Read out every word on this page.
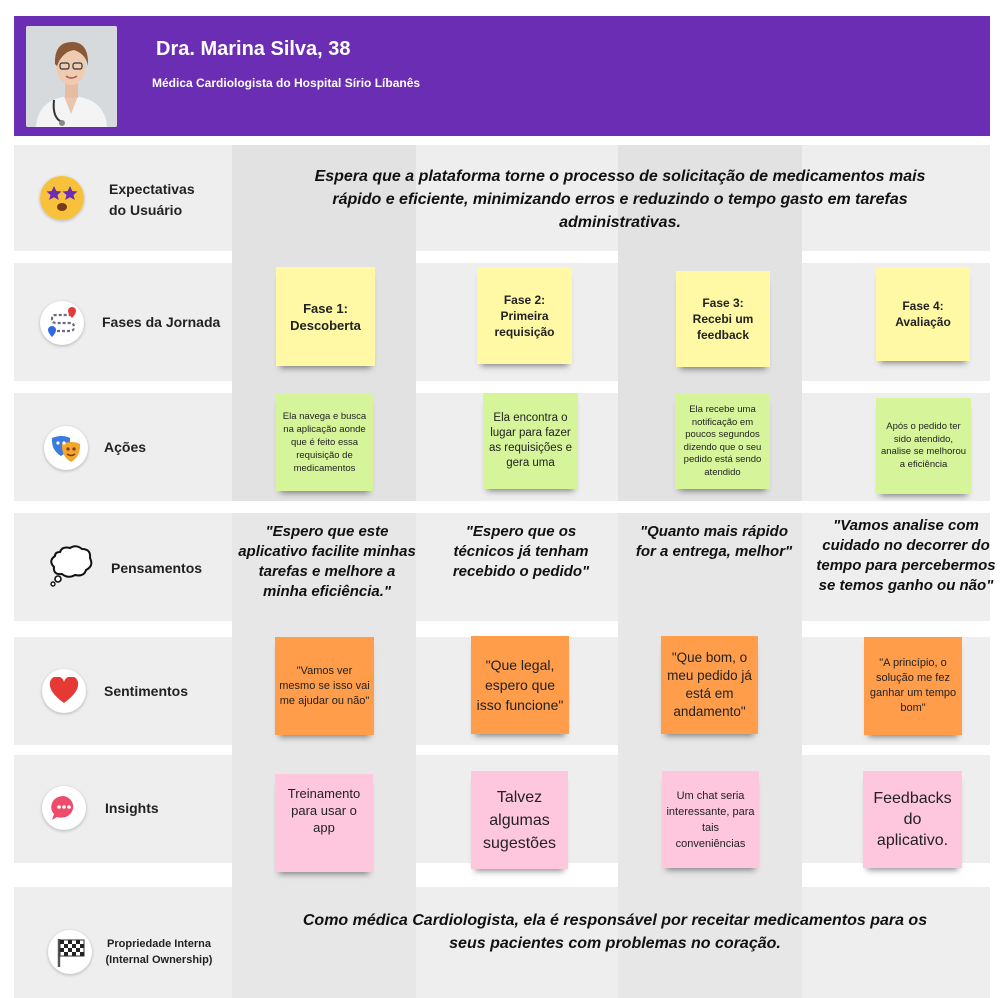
Dra. Marina Silva, 38
Médica Cardiologista do Hospital Sírio Líbanês
Expectativas
do Usuário
Espera que a plataforma torne o processo de solicitação de medicamentos mais rápido e eficiente, minimizando erros e reduzindo o tempo gasto em tarefas administrativas.
Fases da Jornada
Fase 1:
Descoberta
Fase 2:
Primeira requisição
Fase 3:
Recebi um feedback
Fase 4:
Avaliação
Ações
Ela navega e busca na aplicação aonde que é feito essa requisição de medicamentos
Ela encontra o lugar para fazer as requisições e gera uma
Ela recebe uma notificação em poucos segundos dizendo que o seu pedido está sendo atendido
Após o pedido ter sido atendido, analise se melhorou a eficiência
Pensamentos
"Espero que este aplicativo facilite minhas tarefas e melhore a minha eficiência."
"Espero que os técnicos já tenham recebido o pedido"
"Quanto mais rápido for a entrega, melhor"
"Vamos analise com cuidado no decorrer do tempo para percebermos se temos ganho ou não"
Sentimentos
"Vamos ver mesmo se isso vai me ajudar ou não"
"Que legal, espero que isso funcione"
"Que bom, o meu pedido já está em andamento"
"A princípio, o solução me fez ganhar um tempo bom"
Insights
Treinamento para usar o app
Talvez algumas sugestões
Um chat seria interessante, para tais conveniências
Feedbacks do aplicativo.
Propriedade Interna
(Internal Ownership)
Como médica Cardiologista, ela é responsável por receitar medicamentos para os seus pacientes com problemas no coração.
